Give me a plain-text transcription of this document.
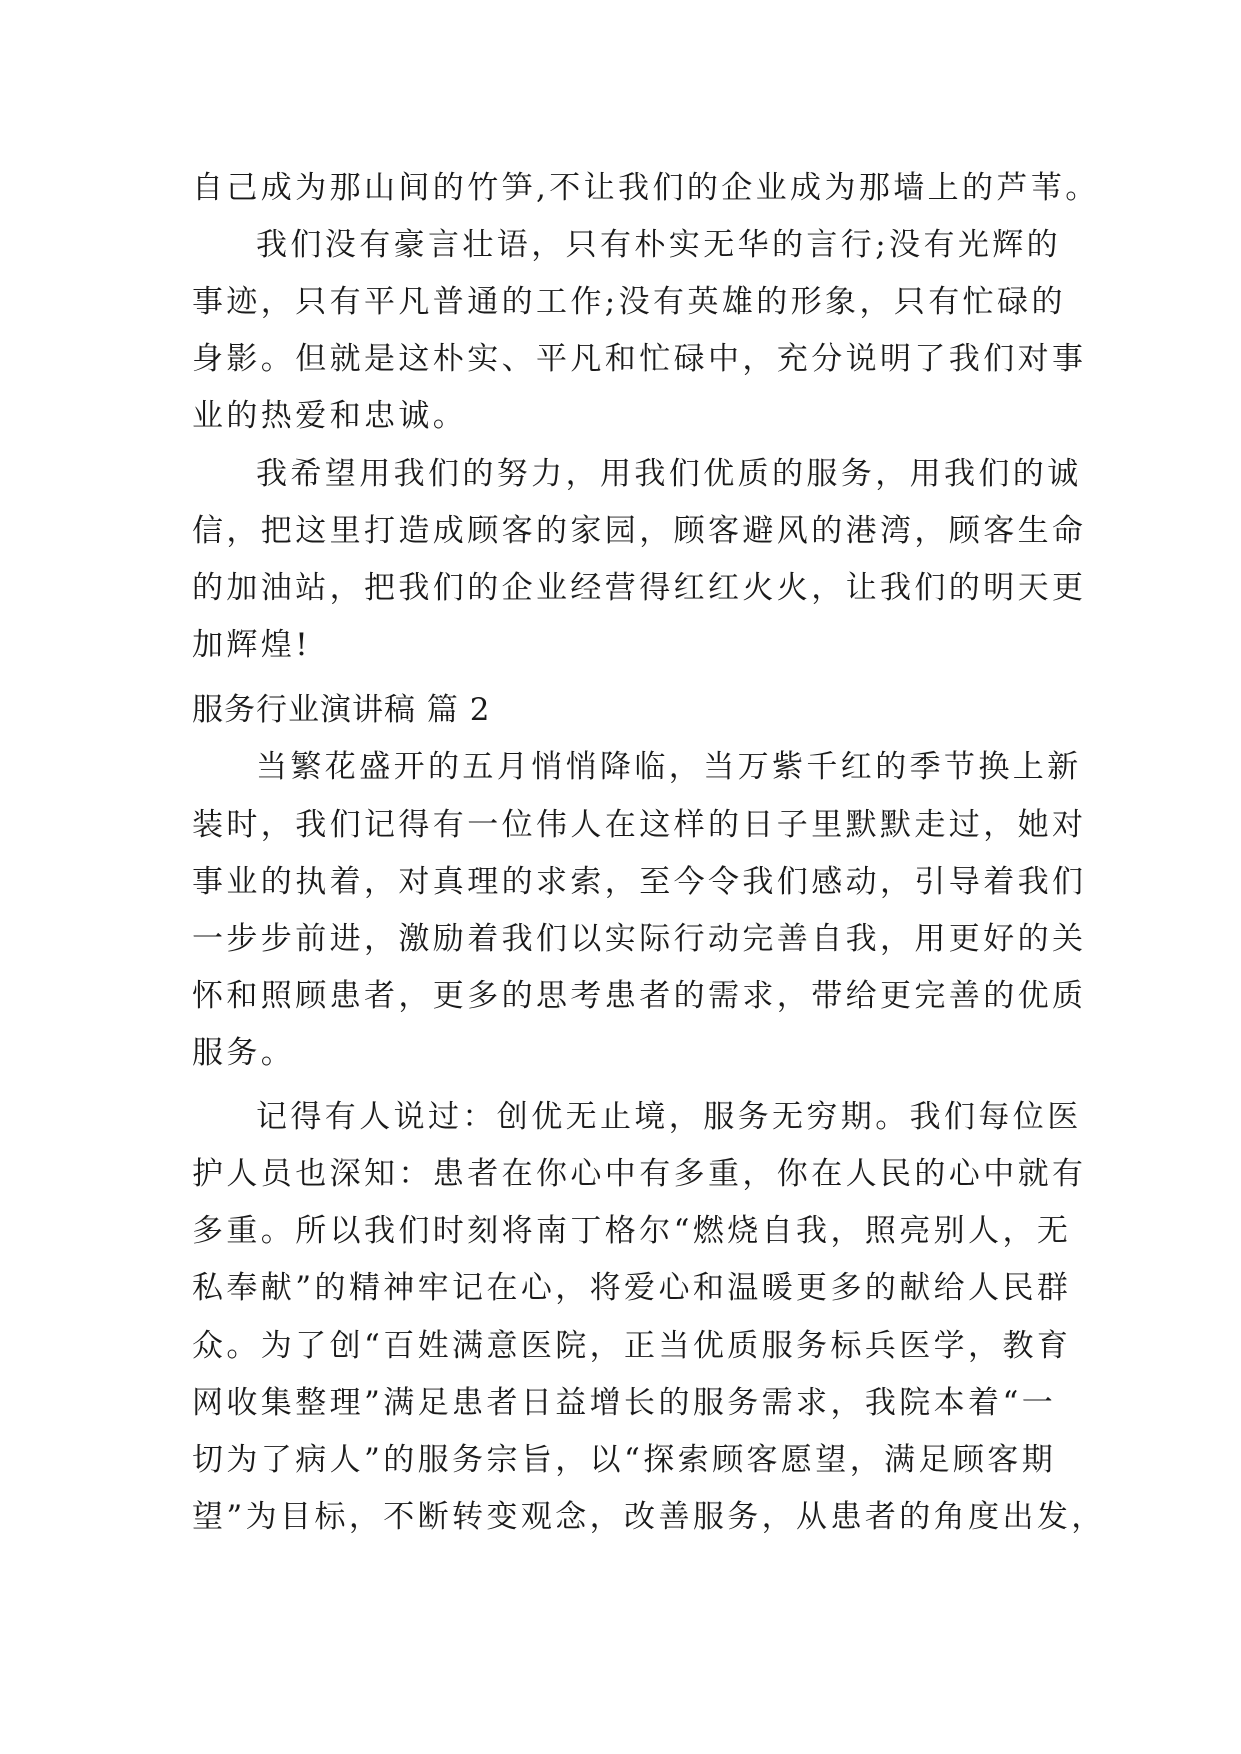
自己成为那山间的竹笋,不让我们的企业成为那墙上的芦苇。
我们没有豪言壮语，只有朴实无华的言行;没有光辉的
事迹，只有平凡普通的工作;没有英雄的形象，只有忙碌的
身影。但就是这朴实、平凡和忙碌中，充分说明了我们对事
业的热爱和忠诚。
我希望用我们的努力，用我们优质的服务，用我们的诚
信，把这里打造成顾客的家园，顾客避风的港湾，顾客生命
的加油站，把我们的企业经营得红红火火，让我们的明天更
加辉煌!
服务行业演讲稿 篇 2
当繁花盛开的五月悄悄降临，当万紫千红的季节换上新
装时，我们记得有一位伟人在这样的日子里默默走过，她对
事业的执着，对真理的求索，至今令我们感动，引导着我们
一步步前进，激励着我们以实际行动完善自我，用更好的关
怀和照顾患者，更多的思考患者的需求，带给更完善的优质
服务。
记得有人说过：创优无止境，服务无穷期。我们每位医
护人员也深知：患者在你心中有多重，你在人民的心中就有
多重。所以我们时刻将南丁格尔“燃烧自我，照亮别人，无
私奉献”的精神牢记在心，将爱心和温暖更多的献给人民群
众。为了创“百姓满意医院，正当优质服务标兵医学，教育
网收集整理”满足患者日益增长的服务需求，我院本着“一
切为了病人”的服务宗旨，以“探索顾客愿望，满足顾客期
望”为目标，不断转变观念，改善服务，从患者的角度出发，
